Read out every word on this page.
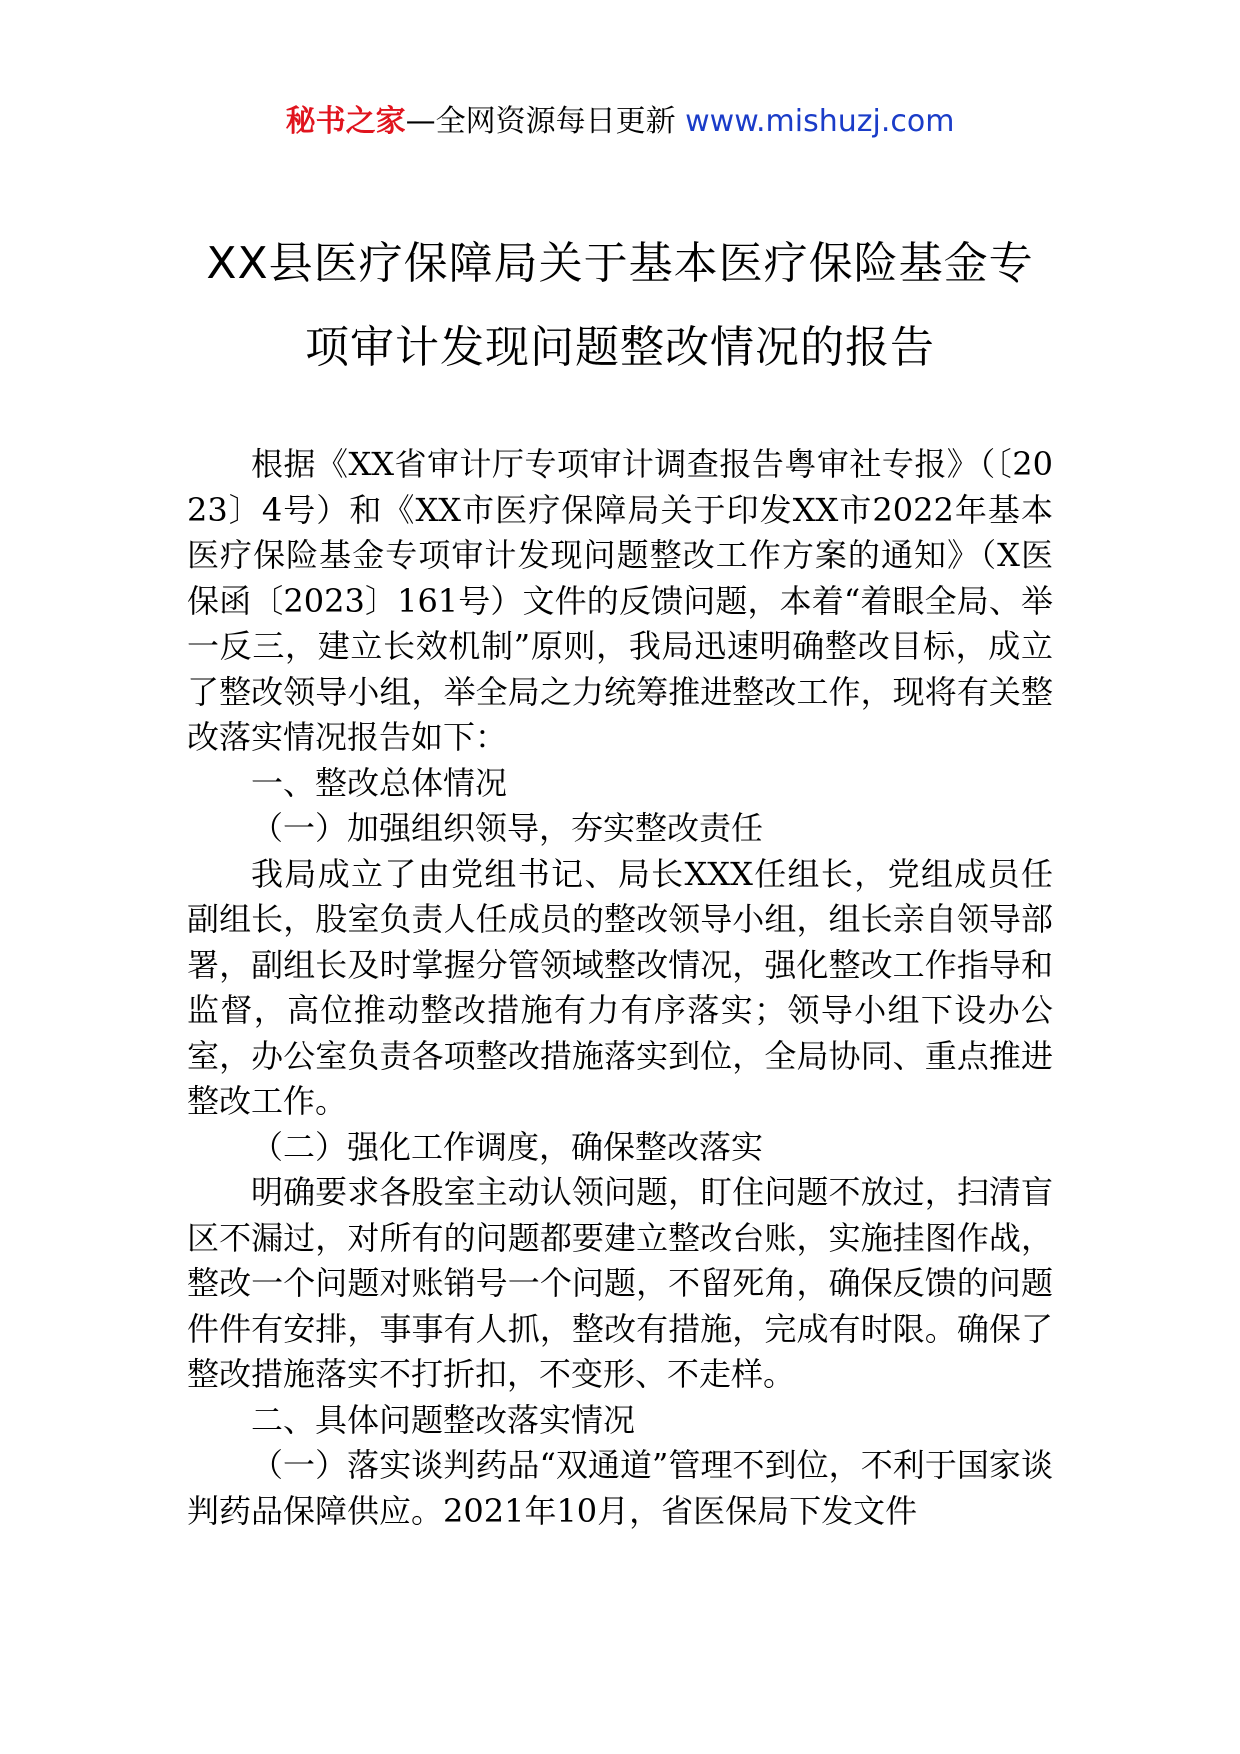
秘书之家—全网资源每日更新 www.mishuzj.com
XX县医疗保障局关于基本医疗保险基金专
项审计发现问题整改情况的报告

根据《XX省审计厅专项审计调查报告粤审社专报》（〔2023〕4号）和《XX市医疗保障局关于印发XX市2022年基本医疗保险基金专项审计发现问题整改工作方案的通知》（X医保函〔2023〕161号）文件的反馈问题，本着“着眼全局、举一反三，建立长效机制”原则，我局迅速明确整改目标，成立了整改领导小组，举全局之力统筹推进整改工作，现将有关整改落实情况报告如下：

一、整改总体情况

（一）加强组织领导，夯实整改责任

我局成立了由党组书记、局长XXX任组长，党组成员任副组长，股室负责人任成员的整改领导小组，组长亲自领导部署，副组长及时掌握分管领域整改情况，强化整改工作指导和监督，高位推动整改措施有力有序落实；领导小组下设办公室，办公室负责各项整改措施落实到位，全局协同、重点推进整改工作。

（二）强化工作调度，确保整改落实

明确要求各股室主动认领问题，盯住问题不放过，扫清盲区不漏过，对所有的问题都要建立整改台账，实施挂图作战，整改一个问题对账销号一个问题，不留死角，确保反馈的问题件件有安排，事事有人抓，整改有措施，完成有时限。确保了整改措施落实不打折扣，不变形、不走样。

二、具体问题整改落实情况

（一）落实谈判药品“双通道”管理不到位，不利于国家谈判药品保障供应。2021年10月，省医保局下发文件
